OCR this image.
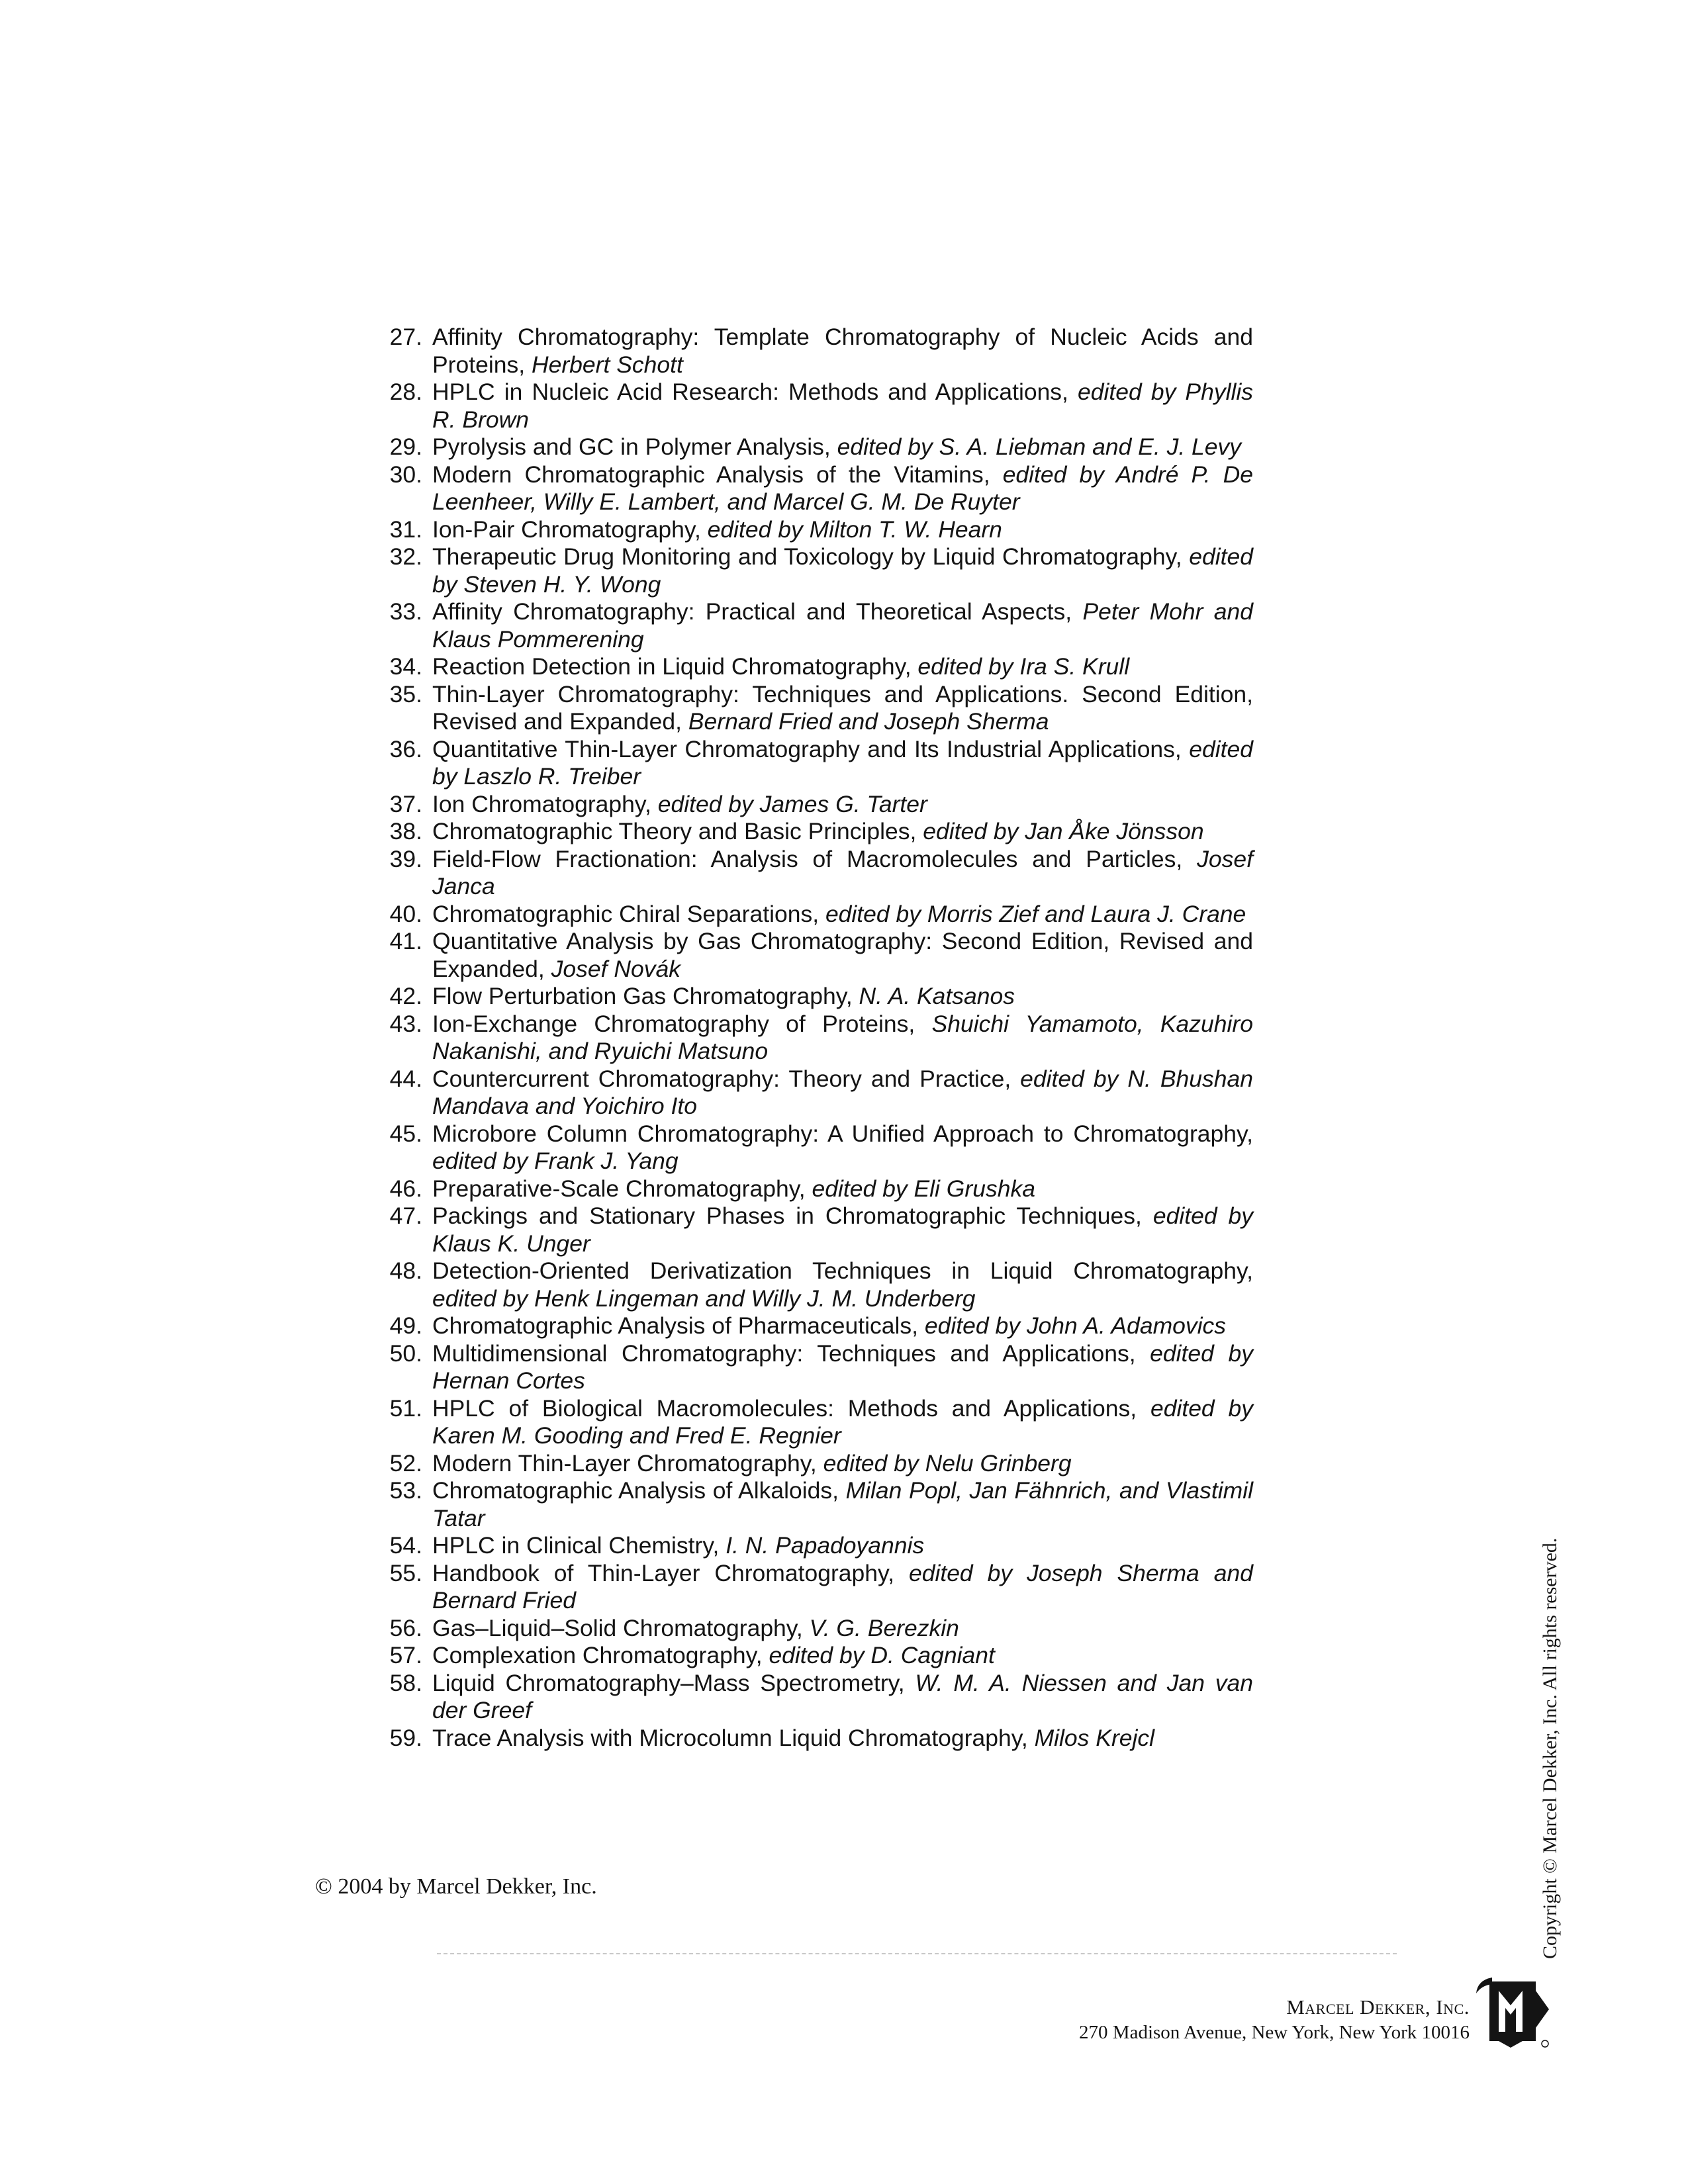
27. Affinity Chromatography: Template Chromatography of Nucleic Acids and Proteins, Herbert Schott
28. HPLC in Nucleic Acid Research: Methods and Applications, edited by Phyllis R. Brown
29. Pyrolysis and GC in Polymer Analysis, edited by S. A. Liebman and E. J. Levy
30. Modern Chromatographic Analysis of the Vitamins, edited by André P. De Leenheer, Willy E. Lambert, and Marcel G. M. De Ruyter
31. Ion-Pair Chromatography, edited by Milton T. W. Hearn
32. Therapeutic Drug Monitoring and Toxicology by Liquid Chromatography, edited by Steven H. Y. Wong
33. Affinity Chromatography: Practical and Theoretical Aspects, Peter Mohr and Klaus Pommerening
34. Reaction Detection in Liquid Chromatography, edited by Ira S. Krull
35. Thin-Layer Chromatography: Techniques and Applications. Second Edition, Revised and Expanded, Bernard Fried and Joseph Sherma
36. Quantitative Thin-Layer Chromatography and Its Industrial Applications, edited by Laszlo R. Treiber
37. Ion Chromatography, edited by James G. Tarter
38. Chromatographic Theory and Basic Principles, edited by Jan Åke Jönsson
39. Field-Flow Fractionation: Analysis of Macromolecules and Particles, Josef Janca
40. Chromatographic Chiral Separations, edited by Morris Zief and Laura J. Crane
41. Quantitative Analysis by Gas Chromatography: Second Edition, Revised and Expanded, Josef Novák
42. Flow Perturbation Gas Chromatography, N. A. Katsanos
43. Ion-Exchange Chromatography of Proteins, Shuichi Yamamoto, Kazuhiro Nakanishi, and Ryuichi Matsuno
44. Countercurrent Chromatography: Theory and Practice, edited by N. Bhushan Mandava and Yoichiro Ito
45. Microbore Column Chromatography: A Unified Approach to Chromatography, edited by Frank J. Yang
46. Preparative-Scale Chromatography, edited by Eli Grushka
47. Packings and Stationary Phases in Chromatographic Techniques, edited by Klaus K. Unger
48. Detection-Oriented Derivatization Techniques in Liquid Chromatography, edited by Henk Lingeman and Willy J. M. Underberg
49. Chromatographic Analysis of Pharmaceuticals, edited by John A. Adamovics
50. Multidimensional Chromatography: Techniques and Applications, edited by Hernan Cortes
51. HPLC of Biological Macromolecules: Methods and Applications, edited by Karen M. Gooding and Fred E. Regnier
52. Modern Thin-Layer Chromatography, edited by Nelu Grinberg
53. Chromatographic Analysis of Alkaloids, Milan Popl, Jan Fähnrich, and Vlastimil Tatar
54. HPLC in Clinical Chemistry, I. N. Papadoyannis
55. Handbook of Thin-Layer Chromatography, edited by Joseph Sherma and Bernard Fried
56. Gas–Liquid–Solid Chromatography, V. G. Berezkin
57. Complexation Chromatography, edited by D. Cagniant
58. Liquid Chromatography–Mass Spectrometry, W. M. A. Niessen and Jan van der Greef
59. Trace Analysis with Microcolumn Liquid Chromatography, Milos Krejcl
© 2004 by Marcel Dekker, Inc.
Marcel Dekker, Inc.
270 Madison Avenue, New York, New York 10016
Copyright © Marcel Dekker, Inc. All rights reserved.
